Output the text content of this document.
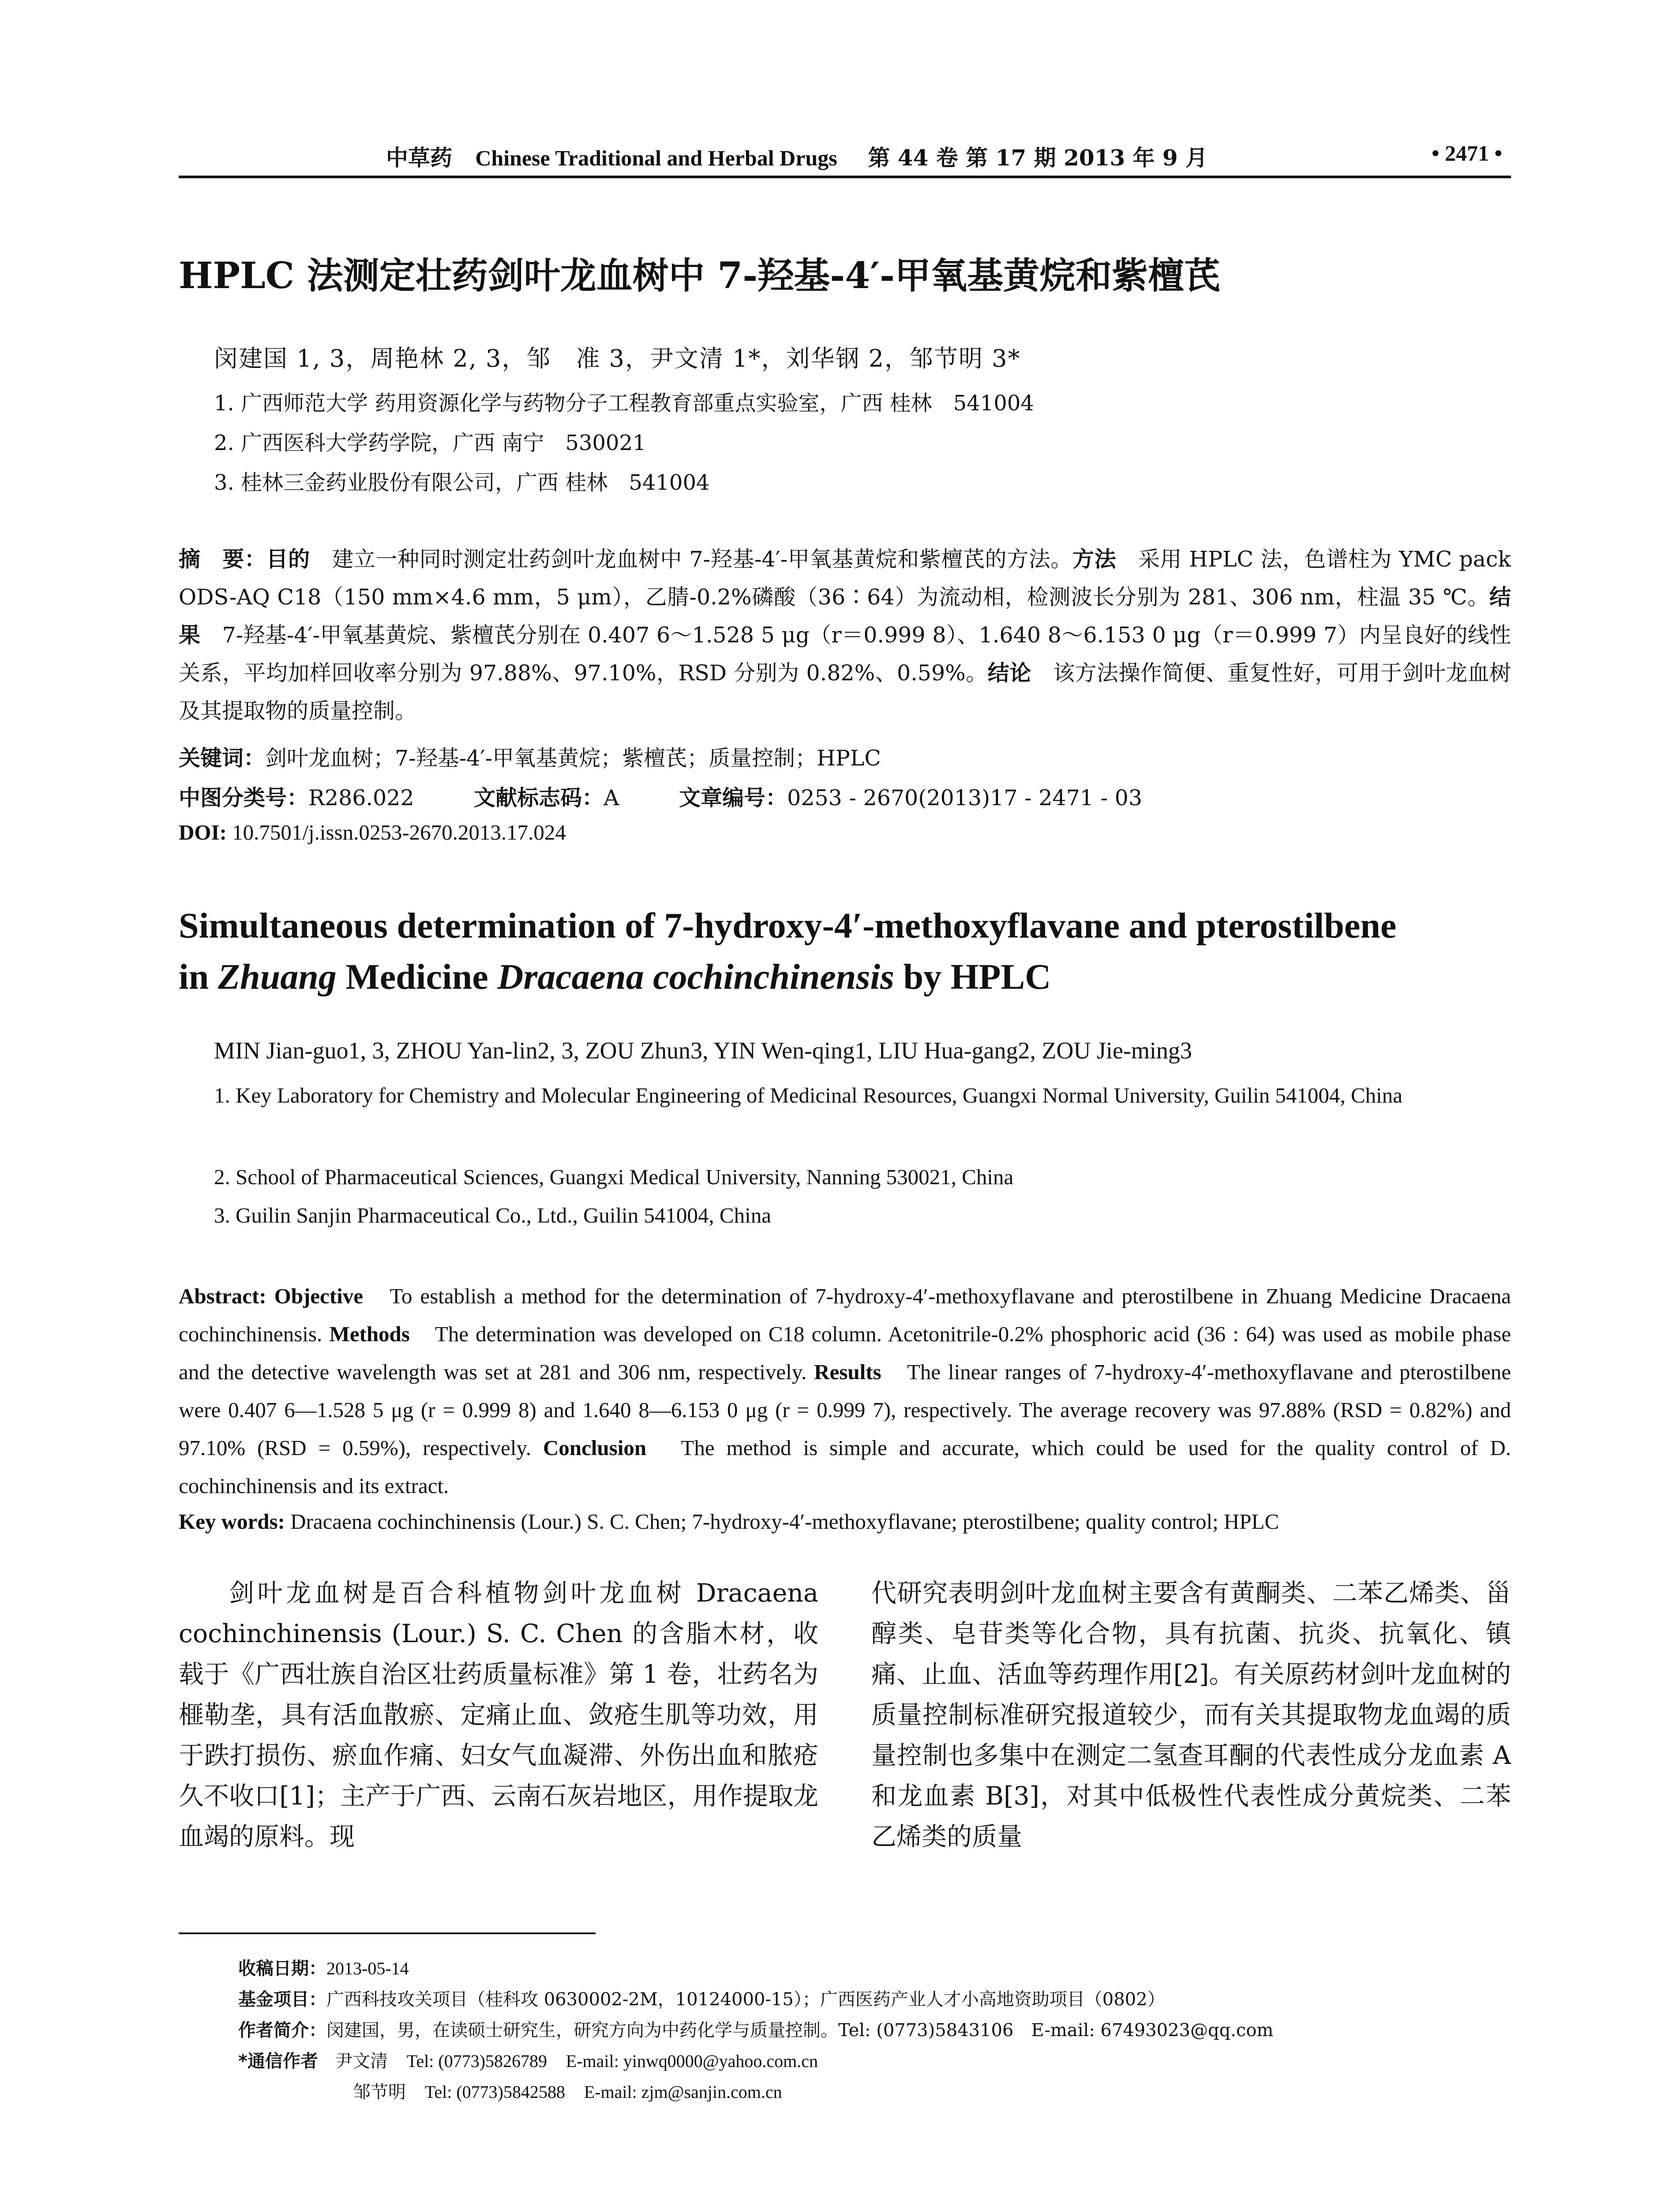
中草药 Chinese Traditional and Herbal Drugs 第 44 卷 第 17 期 2013 年 9 月	• 2471 •
HPLC 法测定壮药剑叶龙血树中 7-羟基-4′-甲氧基黄烷和紫檀芪
闵建国 1, 3，周艳林 2, 3，邹　准 3，尹文清 1*，刘华钢 2，邹节明 3*
1. 广西师范大学 药用资源化学与药物分子工程教育部重点实验室，广西 桂林　541004
2. 广西医科大学药学院，广西 南宁　530021
3. 桂林三金药业股份有限公司，广西 桂林　541004
摘　要：目的　建立一种同时测定壮药剑叶龙血树中 7-羟基-4′-甲氧基黄烷和紫檀芪的方法。方法　采用 HPLC 法，色谱柱为 YMC pack ODS-AQ C18（150 mm×4.6 mm，5 μm），乙腈-0.2%磷酸（36∶64）为流动相，检测波长分别为 281、306 nm，柱温 35 ℃。结果　7-羟基-4′-甲氧基黄烷、紫檀芪分别在 0.407 6～1.528 5 μg（r＝0.999 8）、1.640 8～6.153 0 μg（r＝0.999 7）内呈良好的线性关系，平均加样回收率分别为 97.88%、97.10%，RSD 分别为 0.82%、0.59%。结论　该方法操作简便、重复性好，可用于剑叶龙血树及其提取物的质量控制。
关键词：剑叶龙血树；7-羟基-4′-甲氧基黄烷；紫檀芪；质量控制；HPLC
中图分类号：R286.022	文献标志码：A	文章编号：0253 - 2670(2013)17 - 2471 - 03
DOI: 10.7501/j.issn.0253-2670.2013.17.024
Simultaneous determination of 7-hydroxy-4′-methoxyflavane and pterostilbene
in Zhuang Medicine Dracaena cochinchinensis by HPLC
MIN Jian-guo1, 3, ZHOU Yan-lin2, 3, ZOU Zhun3, YIN Wen-qing1, LIU Hua-gang2, ZOU Jie-ming3
1. Key Laboratory for Chemistry and Molecular Engineering of Medicinal Resources, Guangxi Normal University, Guilin 541004, China
2. School of Pharmaceutical Sciences, Guangxi Medical University, Nanning 530021, China
3. Guilin Sanjin Pharmaceutical Co., Ltd., Guilin 541004, China
Abstract: Objective　To establish a method for the determination of 7-hydroxy-4′-methoxyflavane and pterostilbene in Zhuang Medicine Dracaena cochinchinensis. Methods　The determination was developed on C18 column. Acetonitrile-0.2% phosphoric acid (36 : 64) was used as mobile phase and the detective wavelength was set at 281 and 306 nm, respectively. Results　The linear ranges of 7-hydroxy-4′-methoxyflavane and pterostilbene were 0.407 6—1.528 5 μg (r = 0.999 8) and 1.640 8—6.153 0 μg (r = 0.999 7), respectively. The average recovery was 97.88% (RSD = 0.82%) and 97.10% (RSD = 0.59%), respectively. Conclusion　The method is simple and accurate, which could be used for the quality control of D. cochinchinensis and its extract.
Key words: Dracaena cochinchinensis (Lour.) S. C. Chen; 7-hydroxy-4′-methoxyflavane; pterostilbene; quality control; HPLC
剑叶龙血树是百合科植物剑叶龙血树 Dracaena cochinchinensis (Lour.) S. C. Chen 的含脂木材，收载于《广西壮族自治区壮药质量标准》第 1 卷，壮药名为榧勒垄，具有活血散瘀、定痛止血、敛疮生肌等功效，用于跌打损伤、瘀血作痛、妇女气血凝滞、外伤出血和脓疮久不收口[1]；主产于广西、云南石灰岩地区，用作提取龙血竭的原料。现
代研究表明剑叶龙血树主要含有黄酮类、二苯乙烯类、甾醇类、皂苷类等化合物，具有抗菌、抗炎、抗氧化、镇痛、止血、活血等药理作用[2]。有关原药材剑叶龙血树的质量控制标准研究报道较少，而有关其提取物龙血竭的质量控制也多集中在测定二氢查耳酮的代表性成分龙血素 A 和龙血素 B[3]，对其中低极性代表性成分黄烷类、二苯乙烯类的质量
收稿日期：2013-05-14
基金项目：广西科技攻关项目（桂科攻 0630002-2M，10124000-15）；广西医药产业人才小高地资助项目（0802）
作者简介：闵建国，男，在读硕士研究生，研究方向为中药化学与质量控制。Tel: (0773)5843106　E-mail: 67493023@qq.com
*通信作者 尹文清 Tel: (0773)5826789 E-mail: yinwq0000@yahoo.com.cn
邹节明 Tel: (0773)5842588 E-mail: zjm@sanjin.com.cn
